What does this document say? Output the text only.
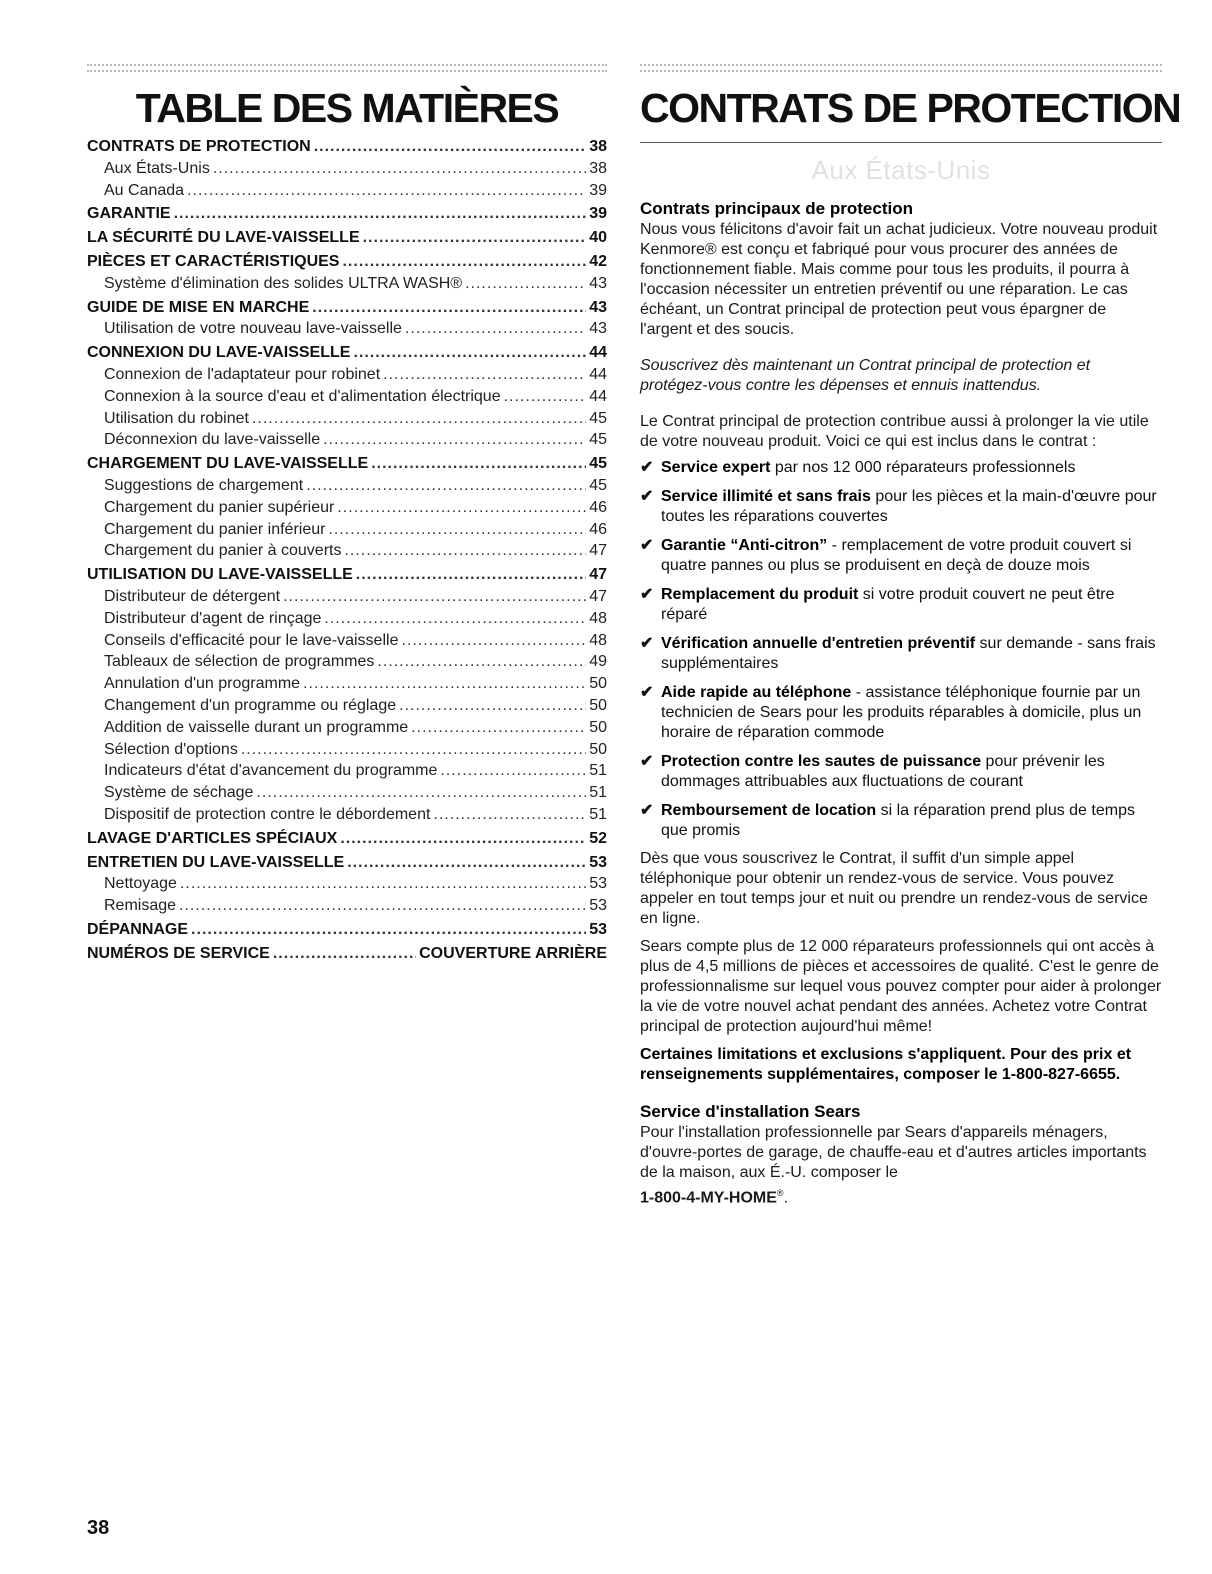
TABLE DES MATIÈRES
CONTRATS DE PROTECTION .....	38
Aux États-Unis .....	38
Au Canada .....	39
GARANTIE .....	39
LA SÉCURITÉ DU LAVE-VAISSELLE .....	40
PIÈCES ET CARACTÉRISTIQUES .....	42
Système d'élimination des solides ULTRA WASH® .....	43
GUIDE DE MISE EN MARCHE .....	43
Utilisation de votre nouveau lave-vaisselle .....	43
CONNEXION DU LAVE-VAISSELLE .....	44
Connexion de l'adaptateur pour robinet .....	44
Connexion à la source d'eau et d'alimentation électrique .....	44
Utilisation du robinet .....	45
Déconnexion du lave-vaisselle .....	45
CHARGEMENT DU LAVE-VAISSELLE .....	45
Suggestions de chargement .....	45
Chargement du panier supérieur .....	46
Chargement du panier inférieur .....	46
Chargement du panier à couverts .....	47
UTILISATION DU LAVE-VAISSELLE .....	47
Distributeur de détergent .....	47
Distributeur d'agent de rinçage .....	48
Conseils d'efficacité pour le lave-vaisselle .....	48
Tableaux de sélection de programmes .....	49
Annulation d'un programme .....	50
Changement d'un programme ou réglage .....	50
Addition de vaisselle durant un programme .....	50
Sélection d'options .....	50
Indicateurs d'état d'avancement du programme .....	51
Système de séchage .....	51
Dispositif de protection contre le débordement .....	51
LAVAGE D'ARTICLES SPÉCIAUX .....	52
ENTRETIEN DU LAVE-VAISSELLE .....	53
Nettoyage .....	53
Remisage .....	53
DÉPANNAGE .....	53
NUMÉROS DE SERVICE .....	COUVERTURE ARRIÈRE
CONTRATS DE PROTECTION
Aux États-Unis
Contrats principaux de protection

Nous vous félicitons d'avoir fait un achat judicieux. Votre nouveau produit Kenmore® est conçu et fabriqué pour vous procurer des années de fonctionnement fiable. Mais comme pour tous les produits, il pourra à l'occasion nécessiter un entretien préventif ou une réparation. Le cas échéant, un Contrat principal de protection peut vous épargner de l'argent et des soucis.

Souscrivez dès maintenant un Contrat principal de protection et protégez-vous contre les dépenses et ennuis inattendus.

Le Contrat principal de protection contribue aussi à prolonger la vie utile de votre nouveau produit. Voici ce qui est inclus dans le contrat :

✔ Service expert par nos 12 000 réparateurs professionnels
✔ Service illimité et sans frais pour les pièces et la main-d'œuvre pour toutes les réparations couvertes
✔ Garantie “Anti-citron” - remplacement de votre produit couvert si quatre pannes ou plus se produisent en deçà de douze mois
✔ Remplacement du produit si votre produit couvert ne peut être réparé
✔ Vérification annuelle d'entretien préventif sur demande - sans frais supplémentaires
✔ Aide rapide au téléphone - assistance téléphonique fournie par un technicien de Sears pour les produits réparables à domicile, plus un horaire de réparation commode
✔ Protection contre les sautes de puissance pour prévenir les dommages attribuables aux fluctuations de courant
✔ Remboursement de location si la réparation prend plus de temps que promis

Dès que vous souscrivez le Contrat, il suffit d'un simple appel téléphonique pour obtenir un rendez-vous de service. Vous pouvez appeler en tout temps jour et nuit ou prendre un rendez-vous de service en ligne.

Sears compte plus de 12 000 réparateurs professionnels qui ont accès à plus de 4,5 millions de pièces et accessoires de qualité. C'est le genre de professionnalisme sur lequel vous pouvez compter pour aider à prolonger la vie de votre nouvel achat pendant des années. Achetez votre Contrat principal de protection aujourd'hui même!

Certaines limitations et exclusions s'appliquent. Pour des prix et renseignements supplémentaires, composer le 1-800-827-6655.

Service d'installation Sears

Pour l'installation professionnelle par Sears d'appareils ménagers, d'ouvre-portes de garage, de chauffe-eau et d'autres articles importants de la maison, aux É.-U. composer le
1-800-4-MY-HOME®.

38
